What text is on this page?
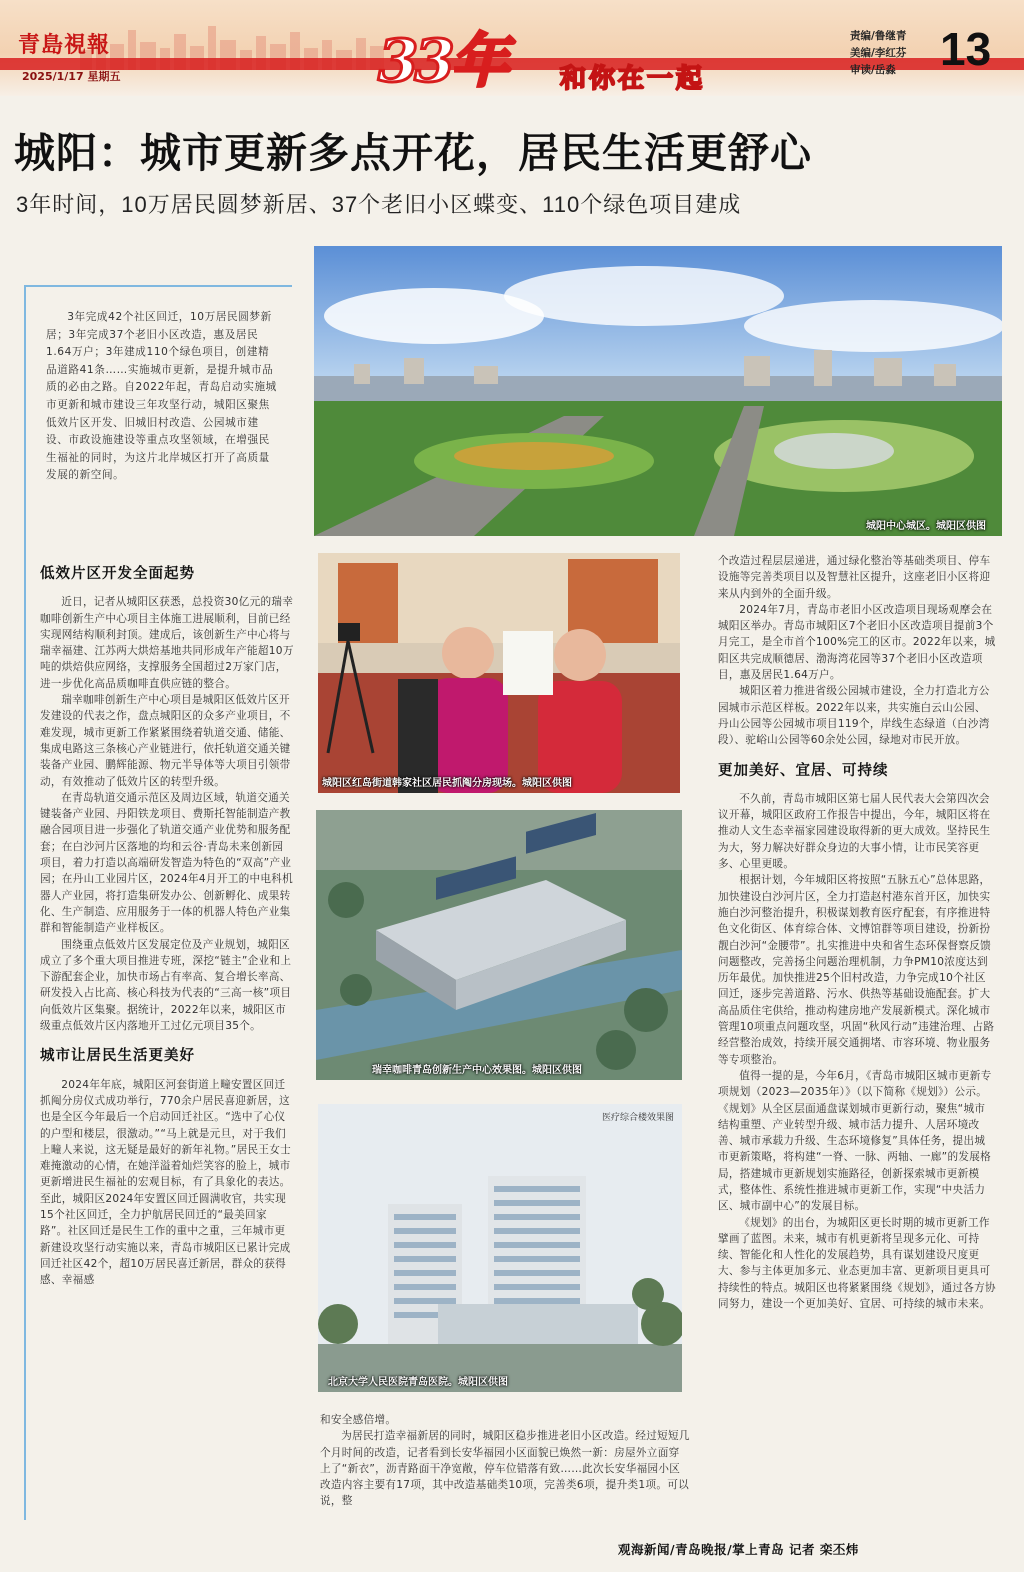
青島視報
2025/1/17 星期五	33年 和你在一起
责编/鲁继青
美编/李红芬
审读/岳淼 13
城阳：城市更新多点开花，居民生活更舒心
3年时间，10万居民圆梦新居、37个老旧小区蝶变、110个绿色项目建成

3年完成42个社区回迁，10万居民圆梦新居；3年完成37个老旧小区改造，惠及居民1.64万户；3年建成110个绿色项目，创建精品道路41条……实施城市更新，是提升城市品质的必由之路。自2022年起，青岛启动实施城市更新和城市建设三年攻坚行动，城阳区聚焦低效片区开发、旧城旧村改造、公园城市建设、市政设施建设等重点攻坚领域，在增强民生福祉的同时，为这片北岸城区打开了高质量发展的新空间。

城阳中心城区。城阳区供图
城阳区红岛街道韩家社区居民抓阄分房现场。城阳区供图
瑞幸咖啡青岛创新生产中心效果图。城阳区供图
医疗综合楼效果图
北京大学人民医院青岛医院。城阳区供图
低效片区开发全面起势

近日，记者从城阳区获悉，总投资30亿元的瑞幸咖啡创新生产中心项目主体施工进展顺利，目前已经实现网结构顺利封顶。建成后，该创新生产中心将与瑞幸福建、江苏两大烘焙基地共同形成年产能超10万吨的烘焙供应网络，支撑服务全国超过2万家门店，进一步优化高品质咖啡直供应链的整合。

瑞幸咖啡创新生产中心项目是城阳区低效片区开发建设的代表之作，盘点城阳区的众多产业项目，不难发现，城市更新工作紧紧围绕着轨道交通、储能、集成电路这三条核心产业链进行，依托轨道交通关键装备产业园、鹏辉能源、物元半导体等大项目引领带动，有效推动了低效片区的转型升级。

在青岛轨道交通示范区及周边区域，轨道交通关键装备产业园、丹阳铁龙项目、费斯托智能制造产教融合园项目进一步强化了轨道交通产业优势和服务配套；在白沙河片区落地的均和云谷·青岛未来创新园项目，着力打造以高端研发智造为特色的“双高”产业园；在丹山工业园片区，2024年4月开工的中电科机器人产业园，将打造集研发办公、创新孵化、成果转化、生产制造、应用服务于一体的机器人特色产业集群和智能制造产业样板区。

围绕重点低效片区发展定位及产业规划，城阳区成立了多个重大项目推进专班，深挖“链主”企业和上下游配套企业，加快市场占有率高、复合增长率高、研发投入占比高、核心科技为代表的“三高一核”项目向低效片区集聚。据统计，2022年以来，城阳区市级重点低效片区内落地开工过亿元项目35个。

城市让居民生活更美好

2024年年底，城阳区河套街道上疃安置区回迁抓阄分房仪式成功举行，770余户居民喜迎新居，这也是全区今年最后一个启动回迁社区。“选中了心仪的户型和楼层，很激动。”“马上就是元旦，对于我们上疃人来说，这无疑是最好的新年礼物。”居民王女士难掩激动的心情，在她洋溢着灿烂笑容的脸上，城市更新增进民生福祉的宏观目标，有了具象化的表达。至此，城阳区2024年安置区回迁圆满收官，共实现15个社区回迁，全力护航居民回迁的“最美回家路”。社区回迁是民生工作的重中之重，三年城市更新建设攻坚行动实施以来，青岛市城阳区已累计完成回迁社区42个，超10万居民喜迁新居，群众的获得感、幸福感

和安全感倍增。

为居民打造幸福新居的同时，城阳区稳步推进老旧小区改造。经过短短几个月时间的改造，记者看到长安华福园小区面貌已焕然一新：房屋外立面穿上了“新衣”，沥青路面干净宽敞，停车位错落有致……此次长安华福园小区改造内容主要有17项，其中改造基础类10项，完善类6项，提升类1项。可以说，整

个改造过程层层递进，通过绿化整治等基础类项目、停车设施等完善类项目以及智慧社区提升，这座老旧小区将迎来从内到外的全面升级。

2024年7月，青岛市老旧小区改造项目现场观摩会在城阳区举办。青岛市城阳区7个老旧小区改造项目提前3个月完工，是全市首个100%完工的区市。2022年以来，城阳区共完成顺德居、渤海湾花园等37个老旧小区改造项目，惠及居民1.64万户。

城阳区着力推进省级公园城市建设，全力打造北方公园城市示范区样板。2022年以来，共实施白云山公园、丹山公园等公园城市项目119个，岸线生态绿道（白沙湾段）、驼峪山公园等60余处公园，绿地对市民开放。

更加美好、宜居、可持续

不久前，青岛市城阳区第七届人民代表大会第四次会议开幕，城阳区政府工作报告中提出，今年，城阳区将在推动人文生态幸福家园建设取得新的更大成效。坚持民生为大，努力解决好群众身边的大事小情，让市民笑容更多、心里更暖。

根据计划，今年城阳区将按照“五脉五心”总体思路，加快建设白沙河片区，全力打造赵村港东首开区，加快实施白沙河整治提升，积极谋划教育医疗配套，有序推进特色文化街区、体育综合体、文博馆群等项目建设，扮新扮靓白沙河“金腰带”。扎实推进中央和省生态环保督察反馈问题整改，完善扬尘问题治理机制，力争PM10浓度达到历年最优。加快推进25个旧村改造，力争完成10个社区回迁，逐步完善道路、污水、供热等基础设施配套。扩大高品质住宅供给，推动构建房地产发展新模式。深化城市管理10项重点问题攻坚，巩固“秋风行动”违建治理、占路经营整治成效，持续开展交通拥堵、市容环境、物业服务等专项整治。

值得一提的是，今年6月，《青岛市城阳区城市更新专项规划（2023—2035年）》（以下简称《规划》）公示。《规划》从全区层面通盘谋划城市更新行动，聚焦“城市结构重塑、产业转型升级、城市活力提升、人居环境改善、城市承载力升级、生态环境修复”具体任务，提出城市更新策略，将构建“一脊、一脉、两轴、一廊”的发展格局，搭建城市更新规划实施路径，创新探索城市更新模式，整体性、系统性推进城市更新工作，实现“中央活力区、城市副中心”的发展目标。

《规划》的出台，为城阳区更长时期的城市更新工作擘画了蓝图。未来，城市有机更新将呈现多元化、可持续、智能化和人性化的发展趋势，具有谋划建设尺度更大、参与主体更加多元、业态更加丰富、更新项目更具可持续性的特点。城阳区也将紧紧围绕《规划》，通过各方协同努力，建设一个更加美好、宜居、可持续的城市未来。

观海新闻/青岛晚报/掌上青岛 记者 栾丕炜
